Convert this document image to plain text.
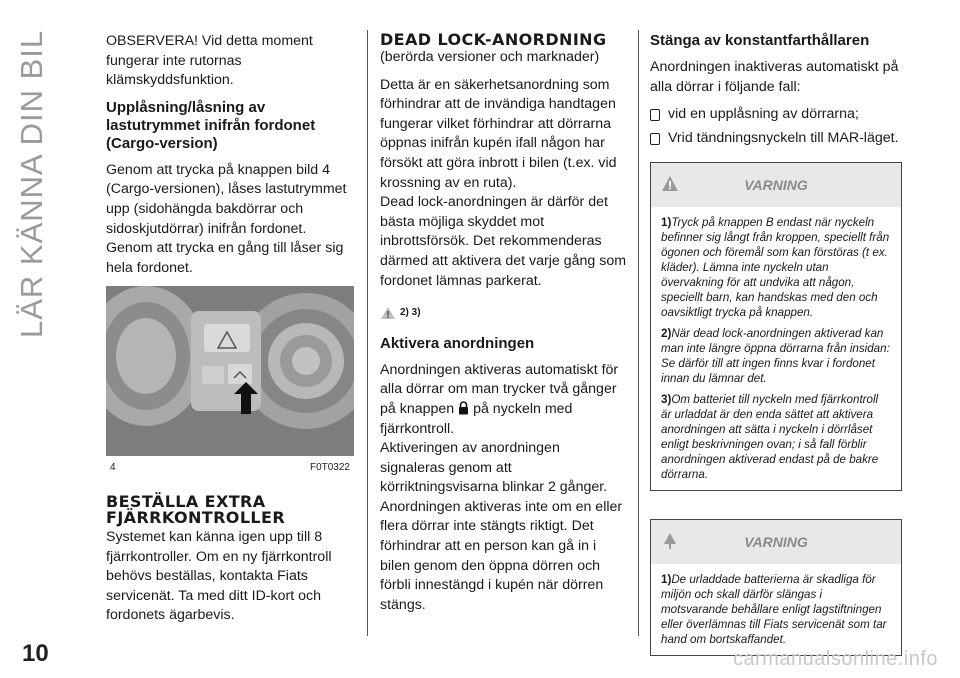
LÄR KÄNNA DIN BIL	OBSERVERA! Vid detta moment fungerar inte rutornas klämskyddsfunktion.

Upplåsning/låsning av lastutrymmet inifrån fordonet (Cargo-version)

Genom att trycka på knappen bild 4 (Cargo-versionen), låses lastutrymmet upp (sidohängda bakdörrar och sidoskjutdörrar) inifrån fordonet. Genom att trycka en gång till låser sig hela fordonet.

4	F0T0322
BESTÄLLA EXTRA
FJÄRRKONTROLLER

Systemet kan känna igen upp till 8 fjärrkontroller. Om en ny fjärrkontroll behövs beställas, kontakta Fiats servicenät. Ta med ditt ID-kort och fordonets ägarbevis.

DEAD LOCK-ANORDNING

(berörda versioner och marknader)

Detta är en säkerhetsanordning som förhindrar att de invändiga handtagen fungerar vilket förhindrar att dörrarna öppnas inifrån kupén ifall någon har försökt att göra inbrott i bilen (t.ex. vid krossning av en ruta).

Dead lock-anordningen är därför det bästa möjliga skyddet mot inbrottsförsök. Det rekommenderas därmed att aktivera det varje gång som fordonet lämnas parkerat.

2) 3)
Aktivera anordningen

Anordningen aktiveras automatiskt för alla dörrar om man trycker två gånger på knappen på nyckeln med fjärrkontroll.

Aktiveringen av anordningen signaleras genom att körriktningsvisarna blinkar 2 gånger.

Anordningen aktiveras inte om en eller flera dörrar inte stängts riktigt. Det förhindrar att en person kan gå in i bilen genom den öppna dörren och förbli innestängd i kupén när dörren stängs.

Stänga av konstantfarthållaren

Anordningen inaktiveras automatiskt på alla dörrar i följande fall:

vid en upplåsning av dörrarna;
Vrid tändningsnyckeln till MAR-läget.
VARNING

1)Tryck på knappen B endast när nyckeln befinner sig långt från kroppen, speciellt från ögonen och föremål som kan förstöras (t ex. kläder). Lämna inte nyckeln utan övervakning för att undvika att någon, speciellt barn, kan handskas med den och oavsiktligt trycka på knappen.

2)När dead lock-anordningen aktiverad kan man inte längre öppna dörrarna från insidan: Se därför till att ingen finns kvar i fordonet innan du lämnar det.

3)Om batteriet till nyckeln med fjärrkontroll är urladdat är den enda sättet att aktivera anordningen att sätta i nyckeln i dörrlåset enligt beskrivningen ovan; i så fall förblir anordningen aktiverad endast på de bakre dörrarna.

VARNING

1)De urladdade batterierna är skadliga för miljön och skall därför slängas i motsvarande behållare enligt lagstiftningen eller överlämnas till Fiats servicenät som tar hand om bortskaffandet.

10	carmanualsonline.info
